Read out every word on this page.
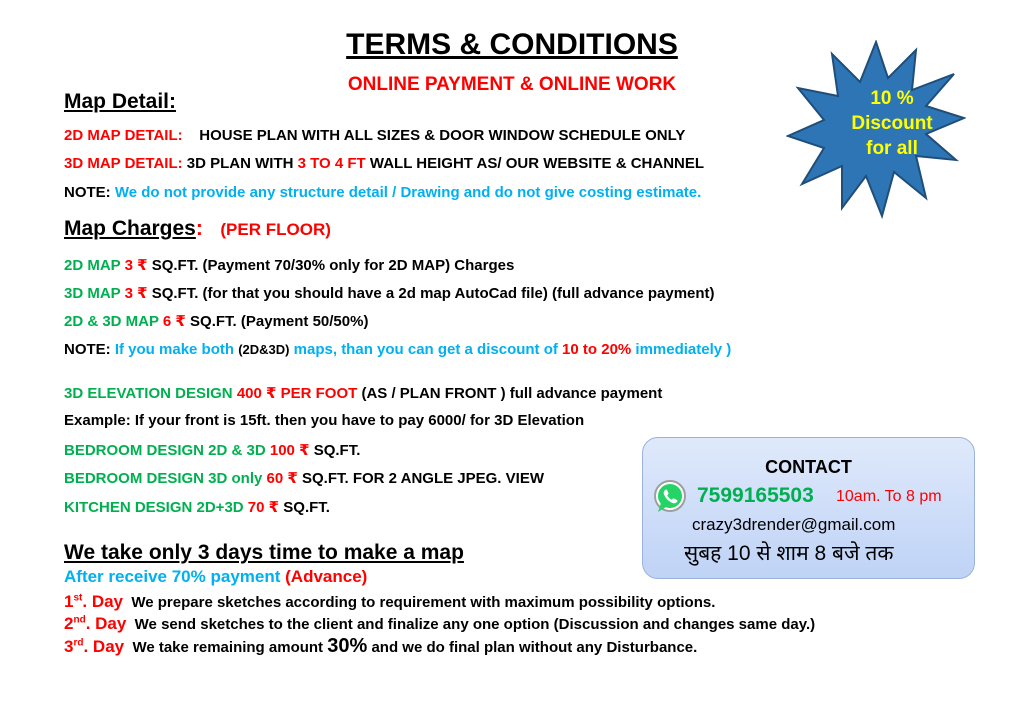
TERMS & CONDITIONS
ONLINE PAYMENT & ONLINE WORK
10 %
Discount
for all
Map Detail:
2D MAP DETAIL: HOUSE PLAN WITH ALL SIZES & DOOR WINDOW SCHEDULE ONLY
3D MAP DETAIL: 3D PLAN WITH 3 TO 4 FT WALL HEIGHT AS/ OUR WEBSITE & CHANNEL
NOTE: We do not provide any structure detail / Drawing and do not give costing estimate.
Map Charges: (PER FLOOR)
2D MAP 3 ₹ SQ.FT. (Payment 70/30% only for 2D MAP) Charges
3D MAP 3 ₹ SQ.FT. (for that you should have a 2d map AutoCad file) (full advance payment)
2D & 3D MAP 6 ₹ SQ.FT. (Payment 50/50%)
NOTE: If you make both (2D&3D) maps, than you can get a discount of 10 to 20% immediately )
3D ELEVATION DESIGN 400 ₹ PER FOOT (AS / PLAN FRONT ) full advance payment
Example: If your front is 15ft. then you have to pay 6000/ for 3D Elevation
BEDROOM DESIGN 2D & 3D 100 ₹ SQ.FT.
BEDROOM DESIGN 3D only 60 ₹ SQ.FT. FOR 2 ANGLE JPEG. VIEW
KITCHEN DESIGN 2D+3D 70 ₹ SQ.FT.
We take only 3 days time to make a map
After receive 70% payment (Advance)
1st. Day We prepare sketches according to requirement with maximum possibility options.
2nd. Day We send sketches to the client and finalize any one option (Discussion and changes same day.)
3rd. Day We take remaining amount 30% and we do final plan without any Disturbance.
CONTACT
7599165503 10am. To 8 pm
crazy3drender@gmail.com
सुबह 10 से शाम 8 बजे तक
